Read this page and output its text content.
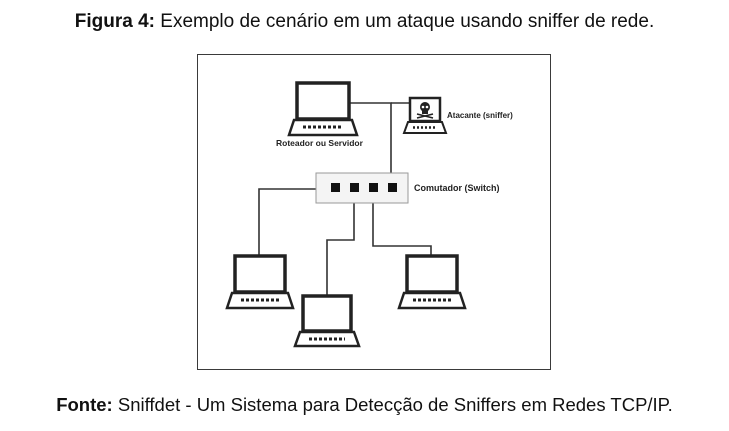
Figura 4: Exemplo de cenário em um ataque usando sniffer de rede.
Roteador ou Servidor
Atacante (sniffer)
Comutador (Switch)
Fonte: Sniffdet - Um Sistema para Detecção de Sniffers em Redes TCP/IP.
